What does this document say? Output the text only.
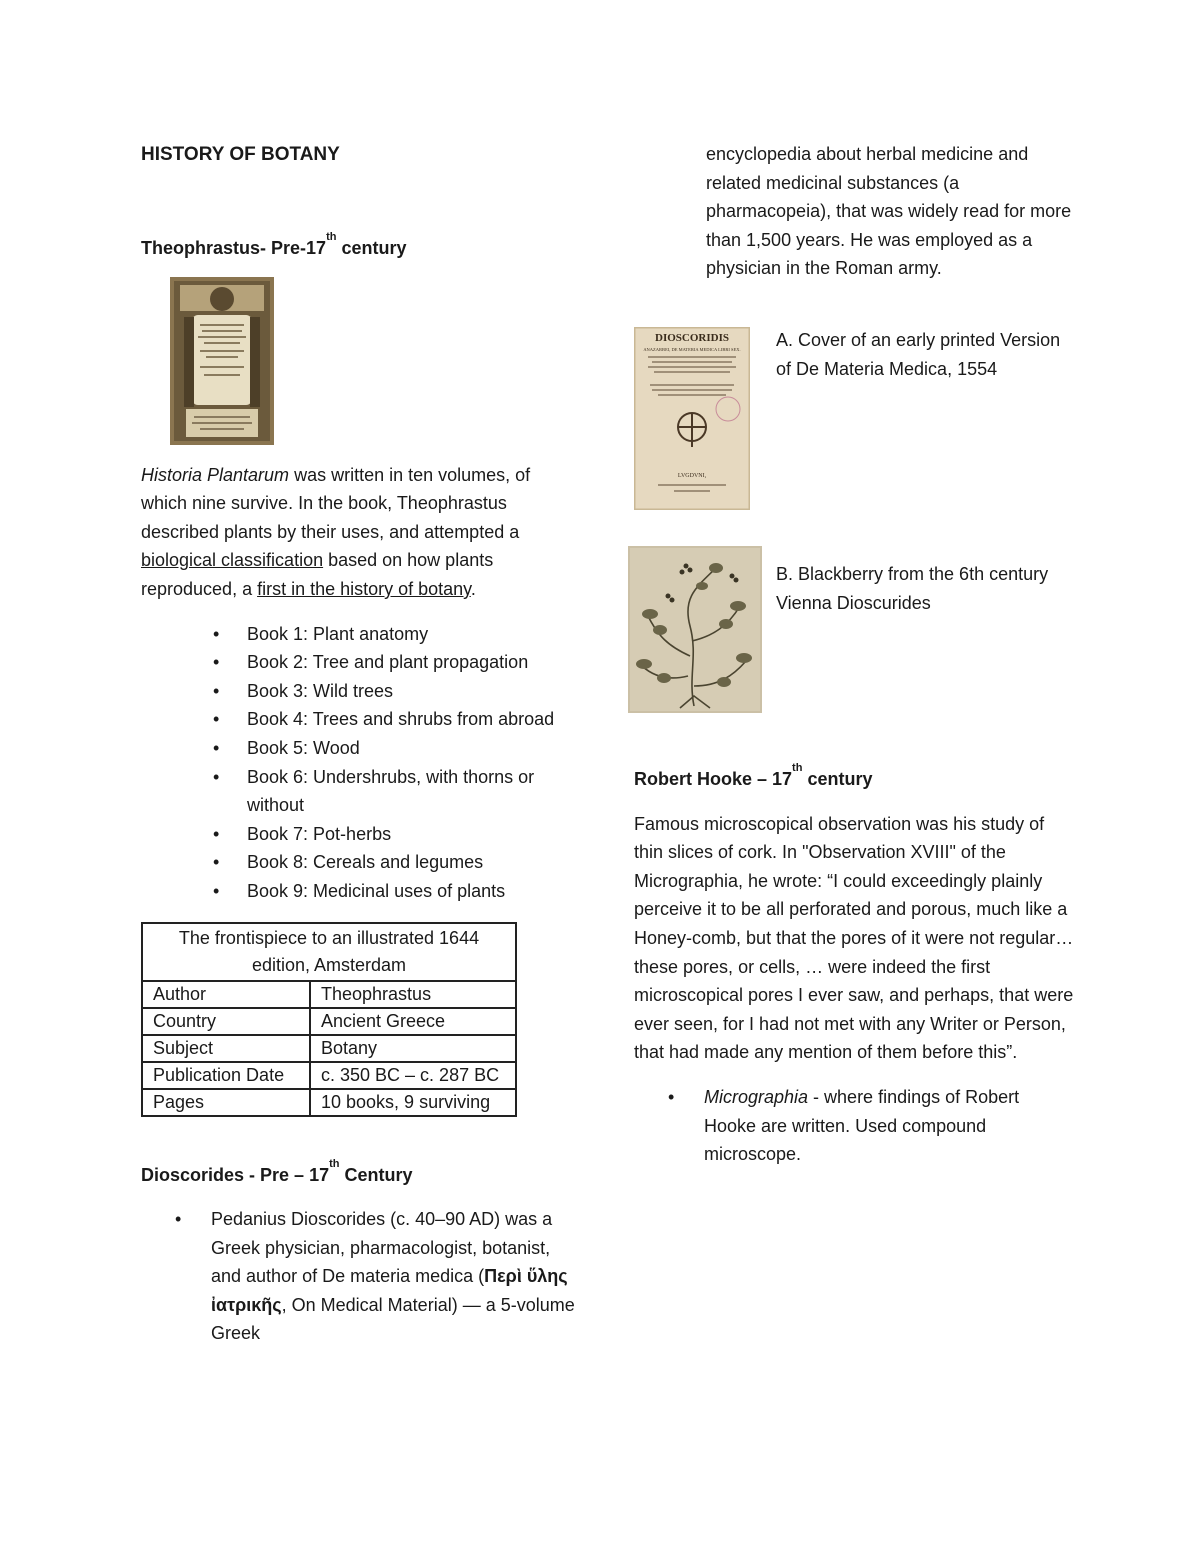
HISTORY OF BOTANY

Theophrastus- Pre-17th century

Historia Plantarum was written in ten volumes, of which nine survive. In the book, Theophrastus described plants by their uses, and attempted a biological classification based on how plants reproduced, a first in the history of botany.

• Book 1: Plant anatomy
• Book 2: Tree and plant propagation
• Book 3: Wild trees
• Book 4: Trees and shrubs from abroad
• Book 5: Wood
• Book 6: Undershrubs, with thorns or without
• Book 7: Pot-herbs
• Book 8: Cereals and legumes
• Book 9: Medicinal uses of plants
The frontispiece to an illustrated 1644 edition, Amsterdam	
Author	Theophrastus
Country	Ancient Greece
Subject	Botany
Publication Date	c. 350 BC – c. 287 BC
Pages	10 books, 9 surviving

Dioscorides - Pre – 17th Century

• Pedanius Dioscorides (c. 40–90 AD) was a Greek physician, pharmacologist, botanist, and author of De materia medica (Περὶ ὕλης ἰατρικῆς, On Medical Material) — a 5-volume Greek

encyclopedia about herbal medicine and related medicinal substances (a pharmacopeia), that was widely read for more than 1,500 years. He was employed as a physician in the Roman army.

DIOSCORIDIS
ANAZARBEI, DE MATERIA MEDICA LIBRI SEX.
LVGDVNI,
A. Cover of an early printed Version of De Materia Medica, 1554
B. Blackberry from the 6th century Vienna Dioscurides

Robert Hooke – 17th century

Famous microscopical observation was his study of thin slices of cork. In "Observation XVIII" of the Micrographia, he wrote: “I could exceedingly plainly perceive it to be all perforated and porous, much like a Honey-comb, but that the pores of it were not regular… these pores, or cells, … were indeed the first microscopical pores I ever saw, and perhaps, that were ever seen, for I had not met with any Writer or Person, that had made any mention of them before this”.

• Micrographia - where findings of Robert Hooke are written. Used compound microscope.
